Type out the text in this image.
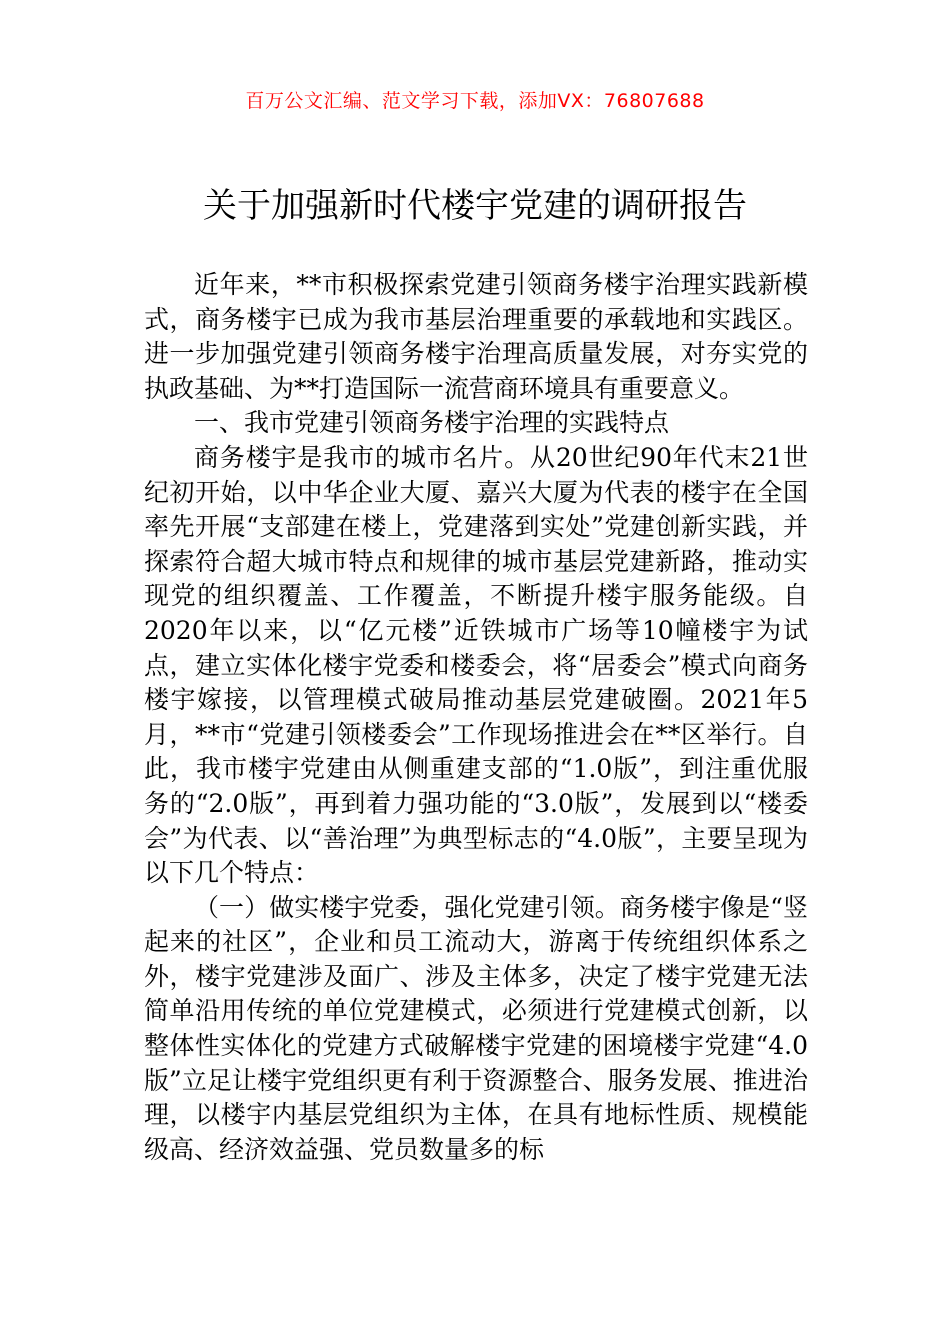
百万公文汇编、范文学习下载，添加VX：76807688
关于加强新时代楼宇党建的调研报告

近年来，**市积极探索党建引领商务楼宇治理实践新模式，商务楼宇已成为我市基层治理重要的承载地和实践区。进一步加强党建引领商务楼宇治理高质量发展，对夯实党的执政基础、为**打造国际一流营商环境具有重要意义。

一、我市党建引领商务楼宇治理的实践特点

商务楼宇是我市的城市名片。从20世纪90年代末21世纪初开始，以中华企业大厦、嘉兴大厦为代表的楼宇在全国率先开展“支部建在楼上，党建落到实处”党建创新实践，并探索符合超大城市特点和规律的城市基层党建新路，推动实现党的组织覆盖、工作覆盖，不断提升楼宇服务能级。自2020年以来，以“亿元楼”近铁城市广场等10幢楼宇为试点，建立实体化楼宇党委和楼委会，将“居委会”模式向商务楼宇嫁接，以管理模式破局推动基层党建破圈。2021年5月，**市“党建引领楼委会”工作现场推进会在**区举行。自此，我市楼宇党建由从侧重建支部的“1.0版”，到注重优服务的“2.0版”，再到着力强功能的“3.0版”，发展到以“楼委会”为代表、以“善治理”为典型标志的“4.0版”，主要呈现为以下几个特点：

（一）做实楼宇党委，强化党建引领。商务楼宇像是“竖起来的社区”，企业和员工流动大，游离于传统组织体系之外，楼宇党建涉及面广、涉及主体多，决定了楼宇党建无法简单沿用传统的单位党建模式，必须进行党建模式创新，以整体性实体化的党建方式破解楼宇党建的困境楼宇党建“4.0版”立足让楼宇党组织更有利于资源整合、服务发展、推进治理，以楼宇内基层党组织为主体，在具有地标性质、规模能级高、经济效益强、党员数量多的标
